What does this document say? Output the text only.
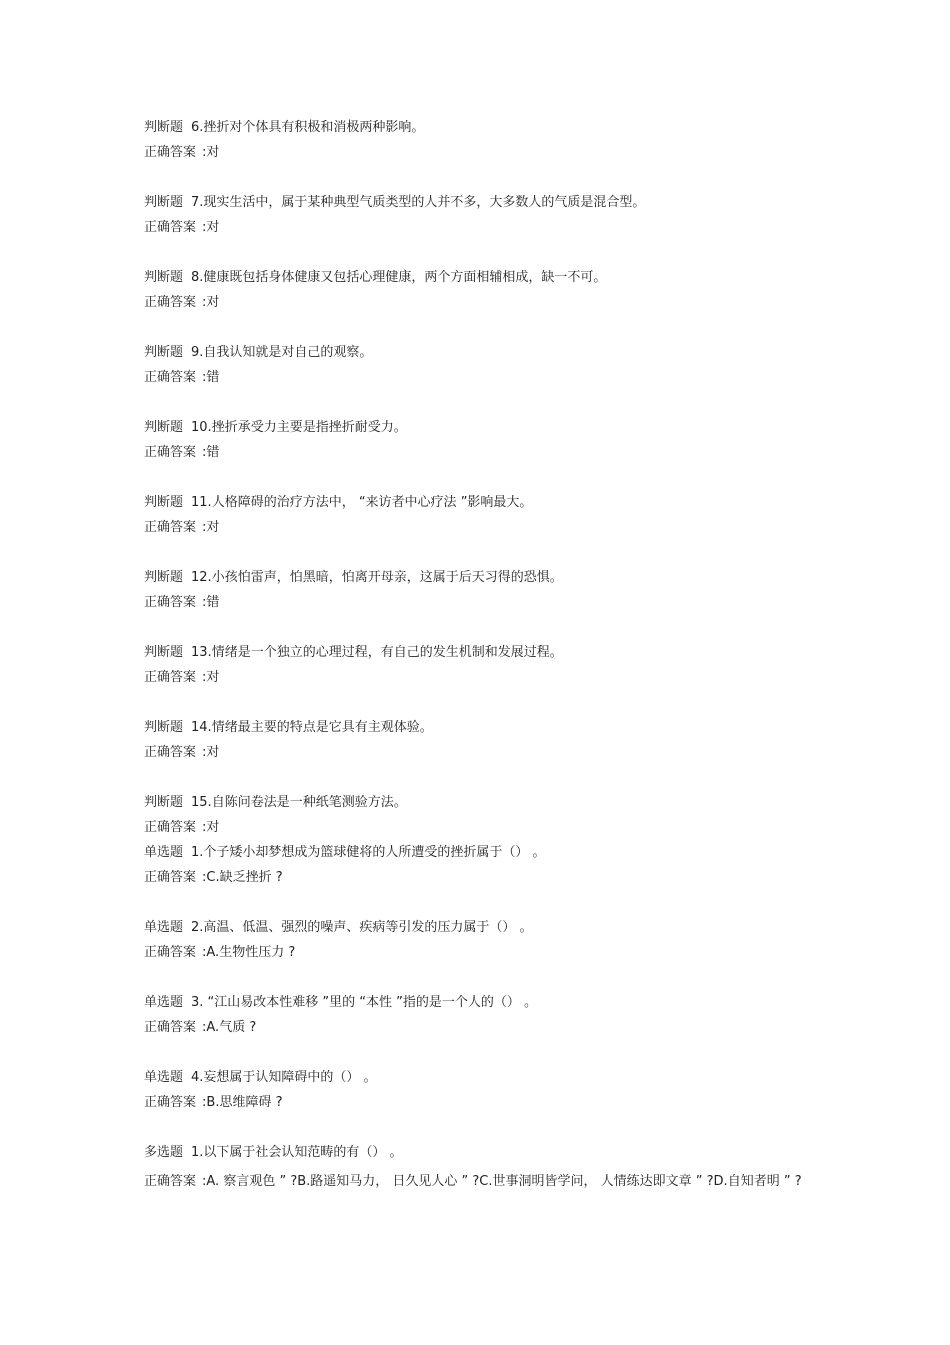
判断题 6.挫折对个体具有积极和消极两种影响。
正确答案 :对
判断题 7.现实生活中，属于某种典型气质类型的人并不多，大多数人的气质是混合型。
正确答案 :对
判断题 8.健康既包括身体健康又包括心理健康，两个方面相辅相成，缺一不可。
正确答案 :对
判断题 9.自我认知就是对自己的观察。
正确答案 :错
判断题 10.挫折承受力主要是指挫折耐受力。
正确答案 :错
判断题 11.人格障碍的治疗方法中， “来访者中心疗法 ”影响最大。
正确答案 :对
判断题 12.小孩怕雷声，怕黑暗，怕离开母亲，这属于后天习得的恐惧。
正确答案 :错
判断题 13.情绪是一个独立的心理过程，有自己的发生机制和发展过程。
正确答案 :对
判断题 14.情绪最主要的特点是它具有主观体验。
正确答案 :对
判断题 15.自陈问卷法是一种纸笔测验方法。
正确答案 :对
单选题 1.个子矮小却梦想成为篮球健将的人所遭受的挫折属于（） 。
正确答案 :C.缺乏挫折 ?
单选题 2.高温、低温、强烈的噪声、疾病等引发的压力属于（） 。
正确答案 :A.生物性压力 ?
单选题 3. “江山易改本性难移 ”里的 “本性 ”指的是一个人的（） 。
正确答案 :A.气质 ?
单选题 4.妄想属于认知障碍中的（） 。
正确答案 :B.思维障碍 ?
多选题 1.以下属于社会认知范畴的有（） 。
正确答案 :A. 察言观色 ” ?B.路遥知马力， 日久见人心 ” ?C.世事洞明皆学问， 人情练达即文章 ” ?D.自知者明 ” ?
